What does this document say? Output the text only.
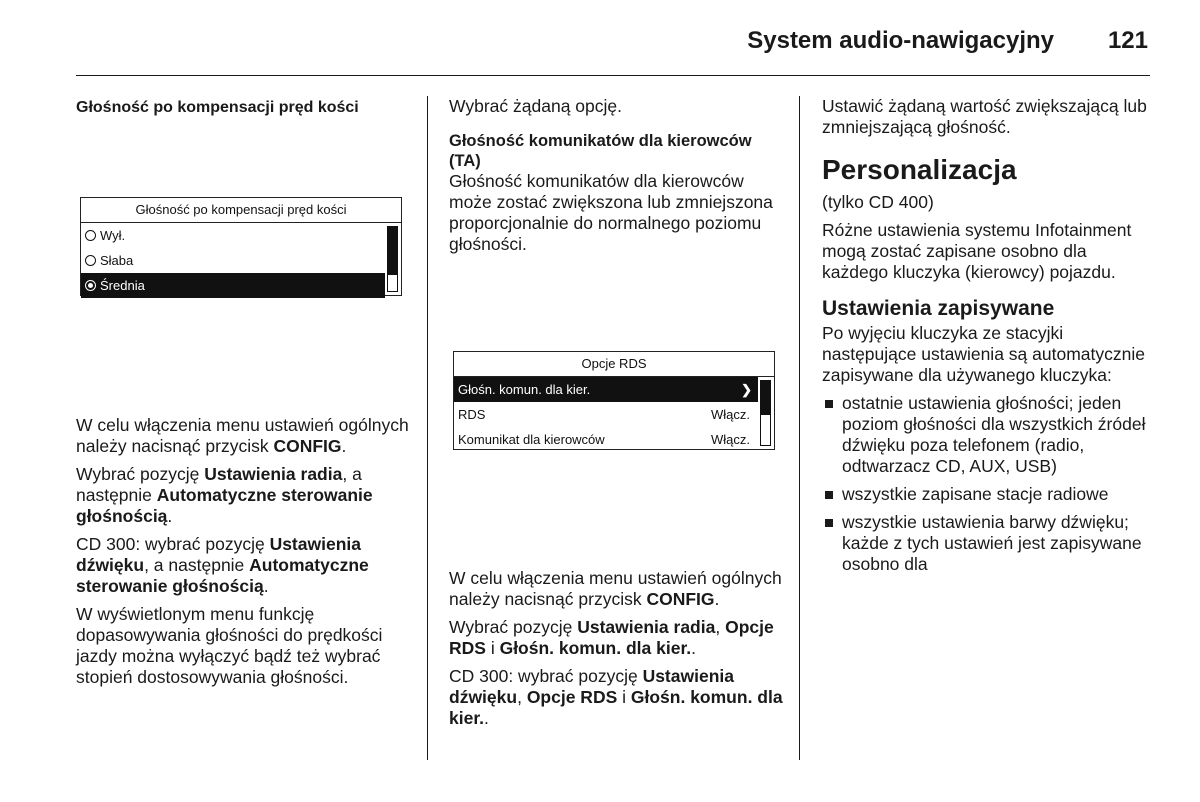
System audio-nawigacyjny 121
Głośność po kompensacji pręd kości
Głośność po kompensacji pręd kości
Wył.
Słaba
Średnia

W celu włączenia menu ustawień ogólnych należy nacisnąć przycisk CONFIG.

Wybrać pozycję Ustawienia radia, a następnie Automatyczne sterowanie głośnością.

CD 300: wybrać pozycję Ustawienia dźwięku, a następnie Automatyczne sterowanie głośnością.

W wyświetlonym menu funkcję dopasowywania głośności do prędkości jazdy można wyłączyć bądź też wybrać stopień dostosowywania głośności.

Wybrać żądaną opcję.

Głośność komunikatów dla kierowców (TA)

Głośność komunikatów dla kierowców może zostać zwiększona lub zmniejszona proporcjonalnie do normalnego poziomu głośności.

Opcje RDS
Głośn. komun. dla kier.	❯
RDS	Włącz.
Komunikat dla kierowców	Włącz.

W celu włączenia menu ustawień ogólnych należy nacisnąć przycisk CONFIG.

Wybrać pozycję Ustawienia radia, Opcje RDS i Głośn. komun. dla kier..

CD 300: wybrać pozycję Ustawienia dźwięku, Opcje RDS i Głośn. komun. dla kier..

Ustawić żądaną wartość zwiększającą lub zmniejszającą głośność.

Personalizacja

(tylko CD 400)

Różne ustawienia systemu Infotainment mogą zostać zapisane osobno dla każdego kluczyka (kierowcy) pojazdu.

Ustawienia zapisywane

Po wyjęciu kluczyka ze stacyjki następujące ustawienia są automatycznie zapisywane dla używanego kluczyka:

ostatnie ustawienia głośności; jeden poziom głośności dla wszystkich źródeł dźwięku poza telefonem (radio, odtwarzacz CD, AUX, USB)
wszystkie zapisane stacje radiowe
wszystkie ustawienia barwy dźwięku; każde z tych ustawień jest zapisywane osobno dla
